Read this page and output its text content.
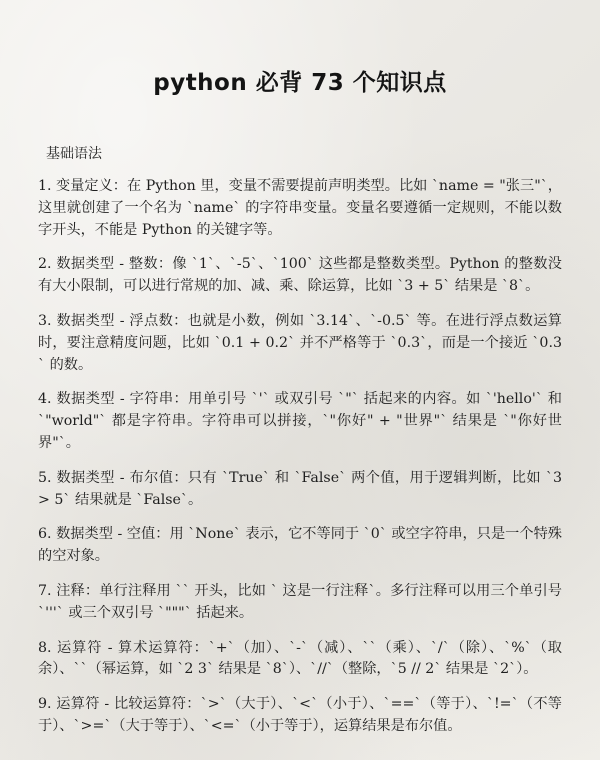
python 必背 73 个知识点
基础语法

1. 变量定义：在 Python 里，变量不需要提前声明类型。比如 `name = "张三"`，这里就创建了一个名为 `name` 的字符串变量。变量名要遵循一定规则，不能以数字开头，不能是 Python 的关键字等。

2. 数据类型 - 整数：像 `1`、`-5`、`100` 这些都是整数类型。Python 的整数没有大小限制，可以进行常规的加、减、乘、除运算，比如 `3 + 5` 结果是 `8`。

3. 数据类型 - 浮点数：也就是小数，例如 `3.14`、`-0.5` 等。在进行浮点数运算时，要注意精度问题，比如 `0.1 + 0.2` 并不严格等于 `0.3`，而是一个接近 `0.3` 的数。

4. 数据类型 - 字符串：用单引号 `'` 或双引号 `"` 括起来的内容。如 `'hello'` 和 `"world"` 都是字符串。字符串可以拼接，`"你好" + "世界"` 结果是 `"你好世界"`。

5. 数据类型 - 布尔值：只有 `True` 和 `False` 两个值，用于逻辑判断，比如 `3 > 5` 结果就是 `False`。

6. 数据类型 - 空值：用 `None` 表示，它不等同于 `0` 或空字符串，只是一个特殊的空对象。

7. 注释：单行注释用 `` 开头，比如 ` 这是一行注释`。多行注释可以用三个单引号 `'''` 或三个双引号 `"""` 括起来。

8. 运算符 - 算术运算符：`+`（加）、`-`（减）、``（乘）、`/`（除）、`%`（取余）、``（幂运算，如 `2 3` 结果是 `8`）、`//`（整除，`5 // 2` 结果是 `2`）。

9. 运算符 - 比较运算符：`>`（大于）、`<`（小于）、`==`（等于）、`!=`（不等于）、`>=`（大于等于）、`<=`（小于等于），运算结果是布尔值。
